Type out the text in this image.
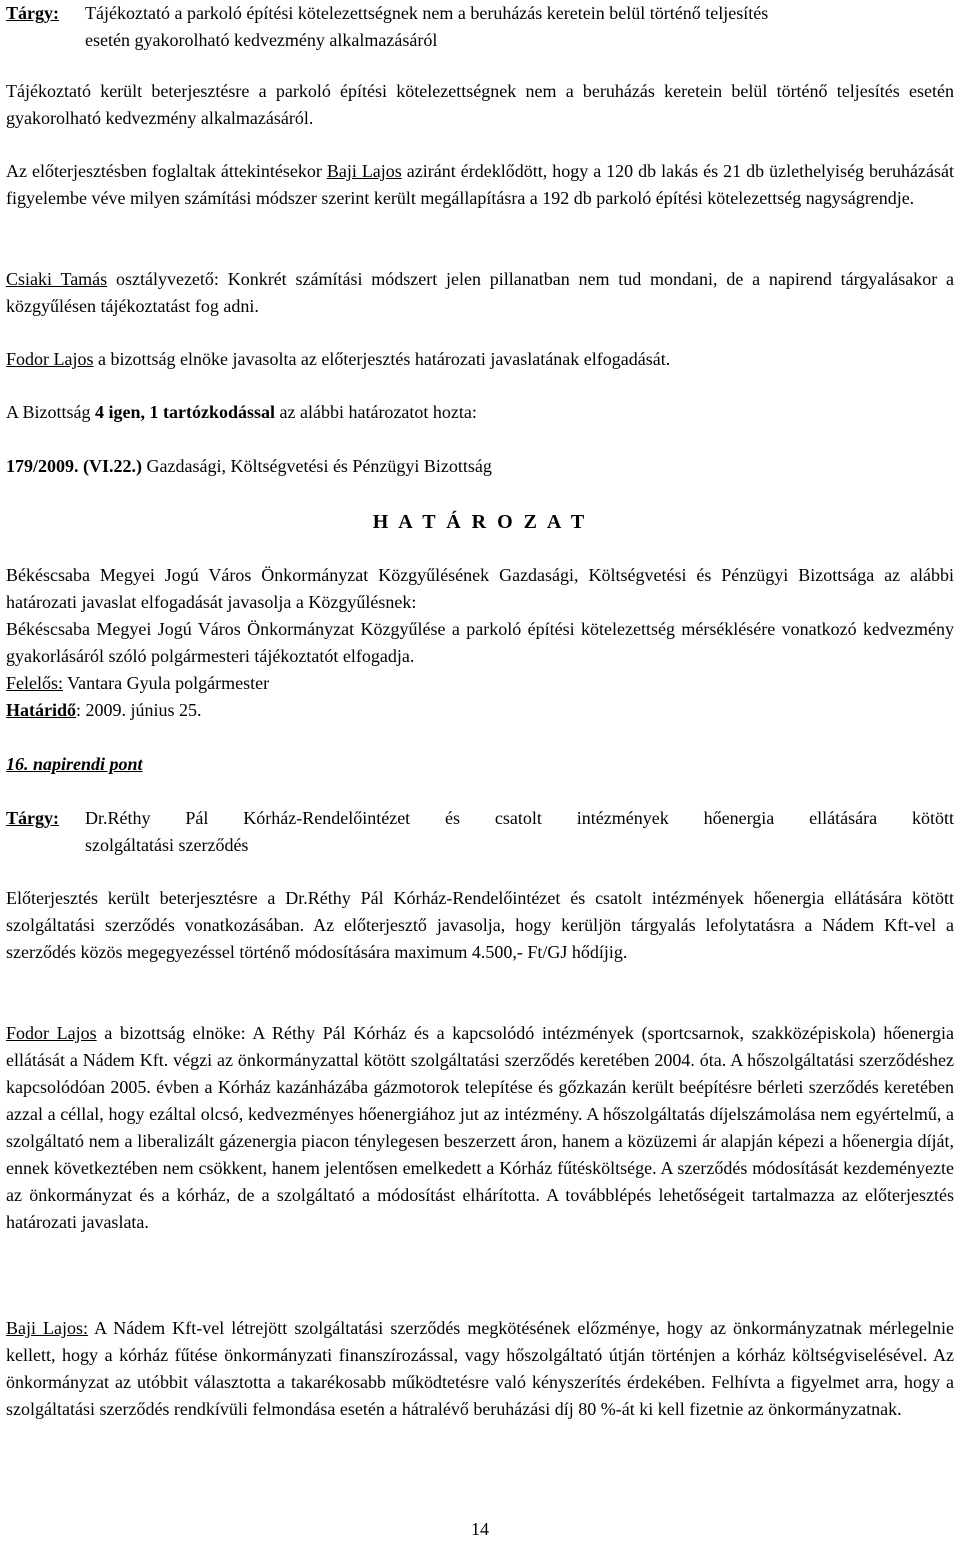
Tárgy:	Tájékoztató a parkoló építési kötelezettségnek nem a beruházás keretein belül történő teljesítés
esetén gyakorolható kedvezmény alkalmazásáról
Tájékoztató került beterjesztésre a parkoló építési kötelezettségnek nem a beruházás keretein belül történő teljesítés esetén gyakorolható kedvezmény alkalmazásáról.
Az előterjesztésben foglaltak áttekintésekor Baji Lajos aziránt érdeklődött, hogy a 120 db lakás és 21 db üzlethelyiség beruházását figyelembe véve milyen számítási módszer szerint került megállapításra a 192 db parkoló építési kötelezettség nagyságrendje.
Csiaki Tamás osztályvezető: Konkrét számítási módszert jelen pillanatban nem tud mondani, de a napirend tárgyalásakor a közgyűlésen tájékoztatást fog adni.
Fodor Lajos a bizottság elnöke javasolta az előterjesztés határozati javaslatának elfogadását.
A Bizottság 4 igen, 1 tartózkodással az alábbi határozatot hozta:
179/2009. (VI.22.) Gazdasági, Költségvetési és Pénzügyi Bizottság
H A T Á R O Z A T
Békéscsaba Megyei Jogú Város Önkormányzat Közgyűlésének Gazdasági, Költségvetési és Pénzügyi Bizottsága az alábbi határozati javaslat elfogadását javasolja a Közgyűlésnek:
Békéscsaba Megyei Jogú Város Önkormányzat Közgyűlése a parkoló építési kötelezettség mérséklésére vonatkozó kedvezmény gyakorlásáról szóló polgármesteri tájékoztatót elfogadja.
Felelős: Vantara Gyula polgármester
Határidő: 2009. június 25.
16. napirendi pont
Tárgy:	Dr.Réthy Pál Kórház-Rendelőintézet és csatolt intézmények hőenergia ellátására kötött
szolgáltatási szerződés
Előterjesztés került beterjesztésre a Dr.Réthy Pál Kórház-Rendelőintézet és csatolt intézmények hőenergia ellátására kötött szolgáltatási szerződés vonatkozásában. Az előterjesztő javasolja, hogy kerüljön tárgyalás lefolytatásra a Nádem Kft-vel a szerződés közös megegyezéssel történő módosítására maximum 4.500,- Ft/GJ hődíjig.
Fodor Lajos a bizottság elnöke: A Réthy Pál Kórház és a kapcsolódó intézmények (sportcsarnok, szakközépiskola) hőenergia ellátását a Nádem Kft. végzi az önkormányzattal kötött szolgáltatási szerződés keretében 2004. óta. A hőszolgáltatási szerződéshez kapcsolódóan 2005. évben a Kórház kazánházába gázmotorok telepítése és gőzkazán került beépítésre bérleti szerződés keretében azzal a céllal, hogy ezáltal olcsó, kedvezményes hőenergiához jut az intézmény. A hőszolgáltatás díjelszámolása nem egyértelmű, a szolgáltató nem a liberalizált gázenergia piacon ténylegesen beszerzett áron, hanem a közüzemi ár alapján képezi a hőenergia díját, ennek következtében nem csökkent, hanem jelentősen emelkedett a Kórház fűtésköltsége. A szerződés módosítását kezdeményezte az önkormányzat és a kórház, de a szolgáltató a módosítást elhárította. A továbblépés lehetőségeit tartalmazza az előterjesztés határozati javaslata.
Baji Lajos: A Nádem Kft-vel létrejött szolgáltatási szerződés megkötésének előzménye, hogy az önkormányzatnak mérlegelnie kellett, hogy a kórház fűtése önkormányzati finanszírozással, vagy hőszolgáltató útján történjen a kórház költségviselésével. Az önkormányzat az utóbbit választotta a takarékosabb működtetésre való kényszerítés érdekében. Felhívta a figyelmet arra, hogy a szolgáltatási szerződés rendkívüli felmondása esetén a hátralévő beruházási díj 80 %-át ki kell fizetnie az önkormányzatnak.
14
